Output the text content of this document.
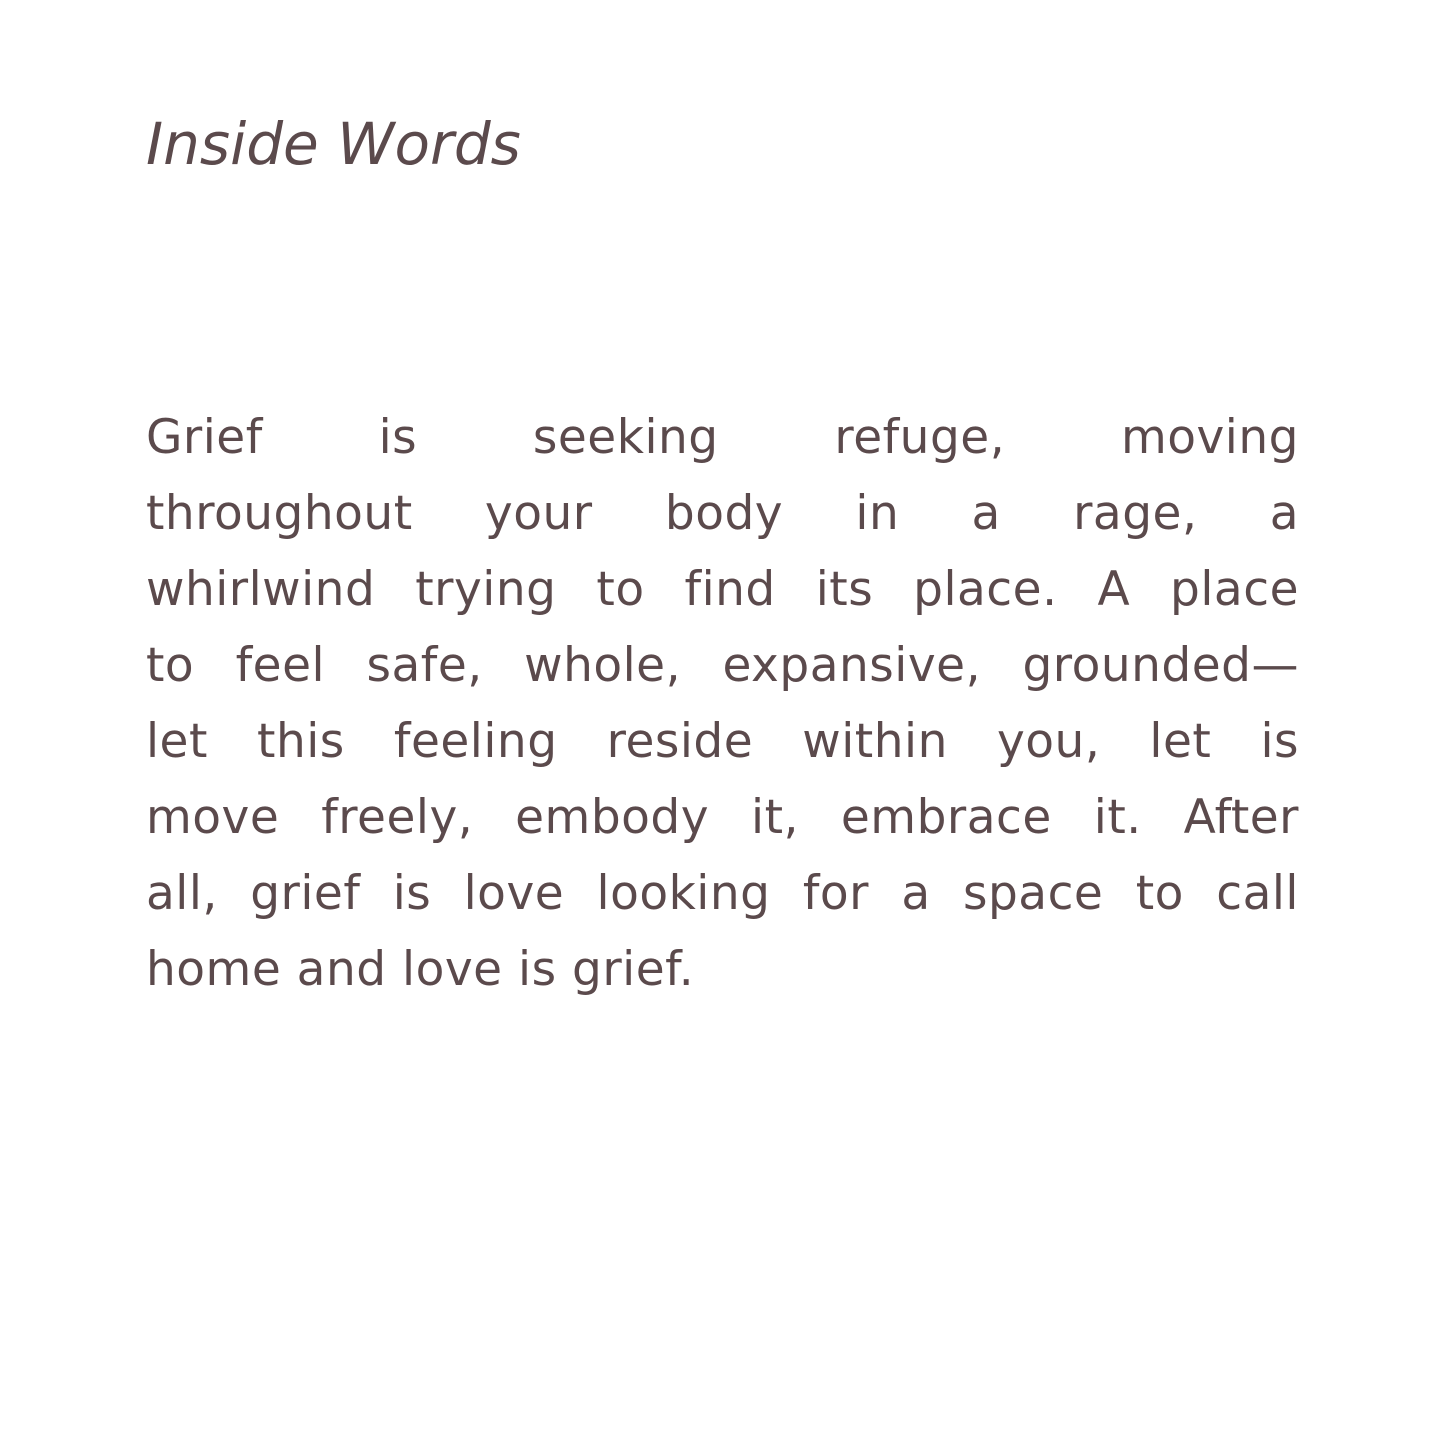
Inside Words
Grief is seeking refuge, moving
throughout your body in a rage, a
whirlwind trying to find its place. A place
to feel safe, whole, expansive, grounded—
let this feeling reside within you, let is
move freely, embody it, embrace it. After
all, grief is love looking for a space to call
home and love is grief.
